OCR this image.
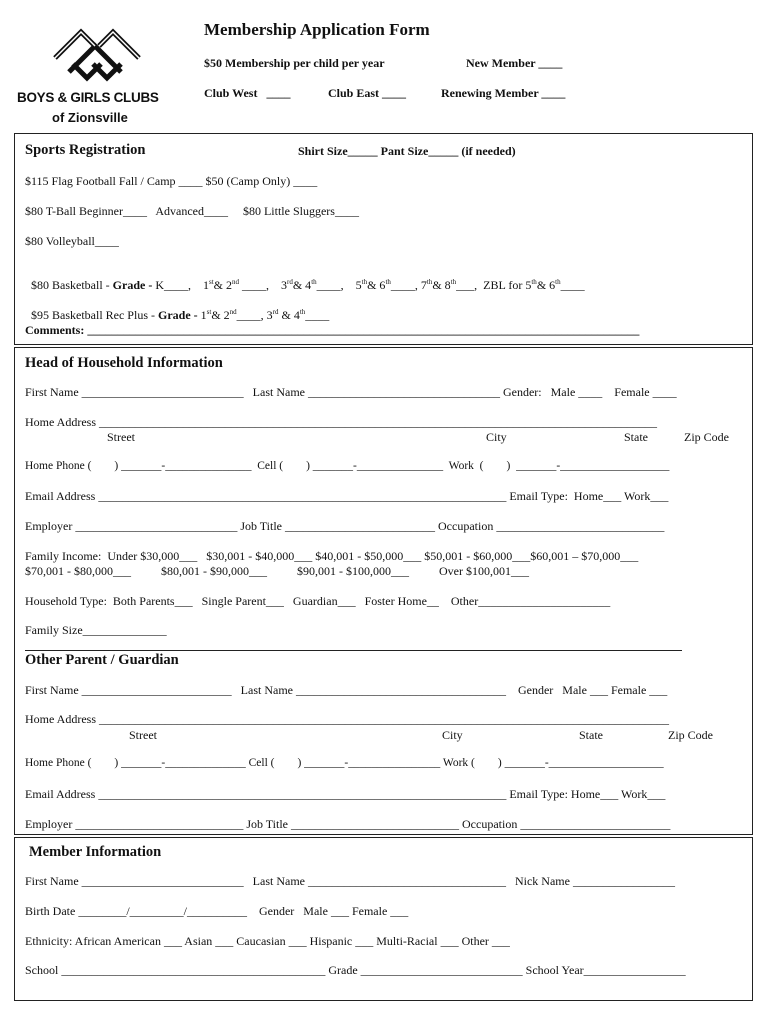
BOYS & GIRLS CLUBS
of Zionsville
Membership Application Form
$50 Membership per child per year	New Member ____
Club West   ____	Club East ____	Renewing Member ____
Sports Registration	Shirt Size_____ Pant Size_____ (if needed)
$115 Flag Football Fall / Camp ____ $50 (Camp Only) ____
$80 T-Ball Beginner____   Advanced____     $80 Little Sluggers____
$80 Volleyball____

$80 Basketball - Grade - K____,    1st& 2nd ____,    3rd& 4th____,    5th& 6th____, 7th& 8th___,  ZBL for 5th& 6th____

$95 Basketball Rec Plus - Grade - 1st& 2nd____, 3rd & 4th____

Comments: ____________________________________________________________________________________________
Head of Household Information
First Name ___________________________   Last Name ________________________________ Gender:   Male ____    Female ____
Home Address _____________________________________________________________________________________________
Street	City	State	Zip Code
Home Phone (        ) _______-_______________  Cell (        ) _______-_______________  Work  (        )  _______-___________________
Email Address ____________________________________________________________________ Email Type:  Home___ Work___
Employer ___________________________ Job Title _________________________ Occupation ____________________________
Family Income:  Under $30,000___   $30,001 - $40,000___ $40,001 - $50,000___ $50,001 - $60,000___$60,001 – $70,000___
$70,001 - $80,000___          $80,001 - $90,000___          $90,001 - $100,000___          Over $100,001___
Household Type:  Both Parents___   Single Parent___   Guardian___   Foster Home__    Other______________________
Family Size______________
Other Parent / Guardian
First Name _________________________   Last Name ___________________________________    Gender   Male ___ Female ___
Home Address _______________________________________________________________________________________________
Street	City	State	Zip Code
Home Phone (        ) _______-______________ Cell (        ) _______-________________ Work (        ) _______-____________________
Email Address ____________________________________________________________________ Email Type: Home___ Work___
Employer ____________________________ Job Title ____________________________ Occupation _________________________
Member Information
First Name ___________________________   Last Name _________________________________   Nick Name _________________
Birth Date ________/_________/__________    Gender   Male ___ Female ___
Ethnicity: African American ___ Asian ___ Caucasian ___ Hispanic ___ Multi-Racial ___ Other ___
School ____________________________________________ Grade ___________________________ School Year_________________
